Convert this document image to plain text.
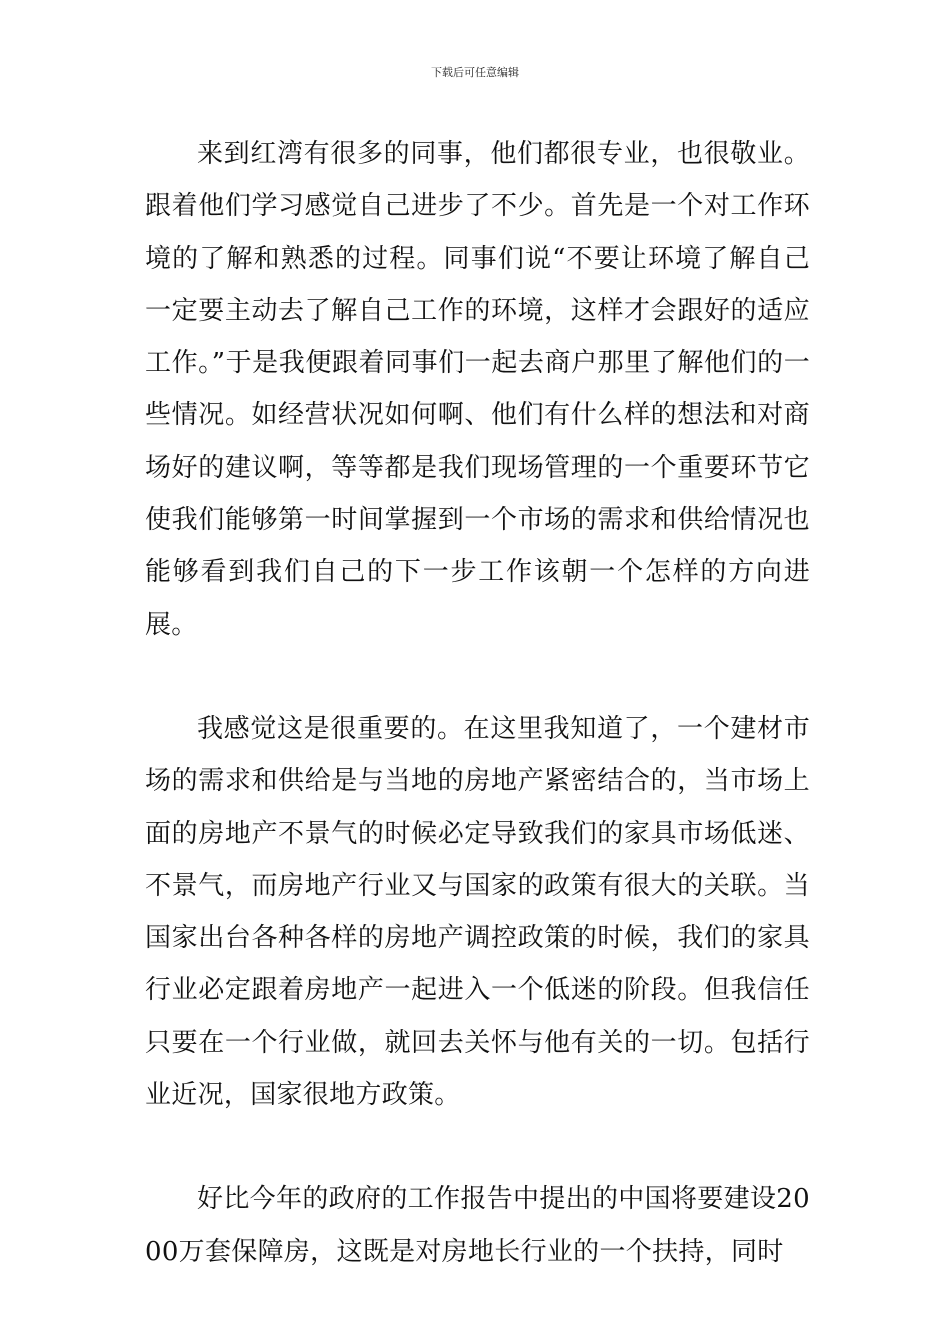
下载后可任意编辑

来到红湾有很多的同事，他们都很专业，也很敬业。跟着他们学习感觉自己进步了不少。首先是一个对工作环境的了解和熟悉的过程。同事们说“不要让环境了解自己一定要主动去了解自己工作的环境，这样才会跟好的适应工作。”于是我便跟着同事们一起去商户那里了解他们的一些情况。如经营状况如何啊、他们有什么样的想法和对商场好的建议啊，等等都是我们现场管理的一个重要环节它使我们能够第一时间掌握到一个市场的需求和供给情况也能够看到我们自己的下一步工作该朝一个怎样的方向进展。

我感觉这是很重要的。在这里我知道了，一个建材市场的需求和供给是与当地的房地产紧密结合的，当市场上面的房地产不景气的时候必定导致我们的家具市场低迷、不景气，而房地产行业又与国家的政策有很大的关联。当国家出台各种各样的房地产调控政策的时候，我们的家具行业必定跟着房地产一起进入一个低迷的阶段。但我信任只要在一个行业做，就回去关怀与他有关的一切。包括行业近况，国家很地方政策。

好比今年的政府的工作报告中提出的中国将要建设2000万套保障房，这既是对房地长行业的一个扶持，同时
